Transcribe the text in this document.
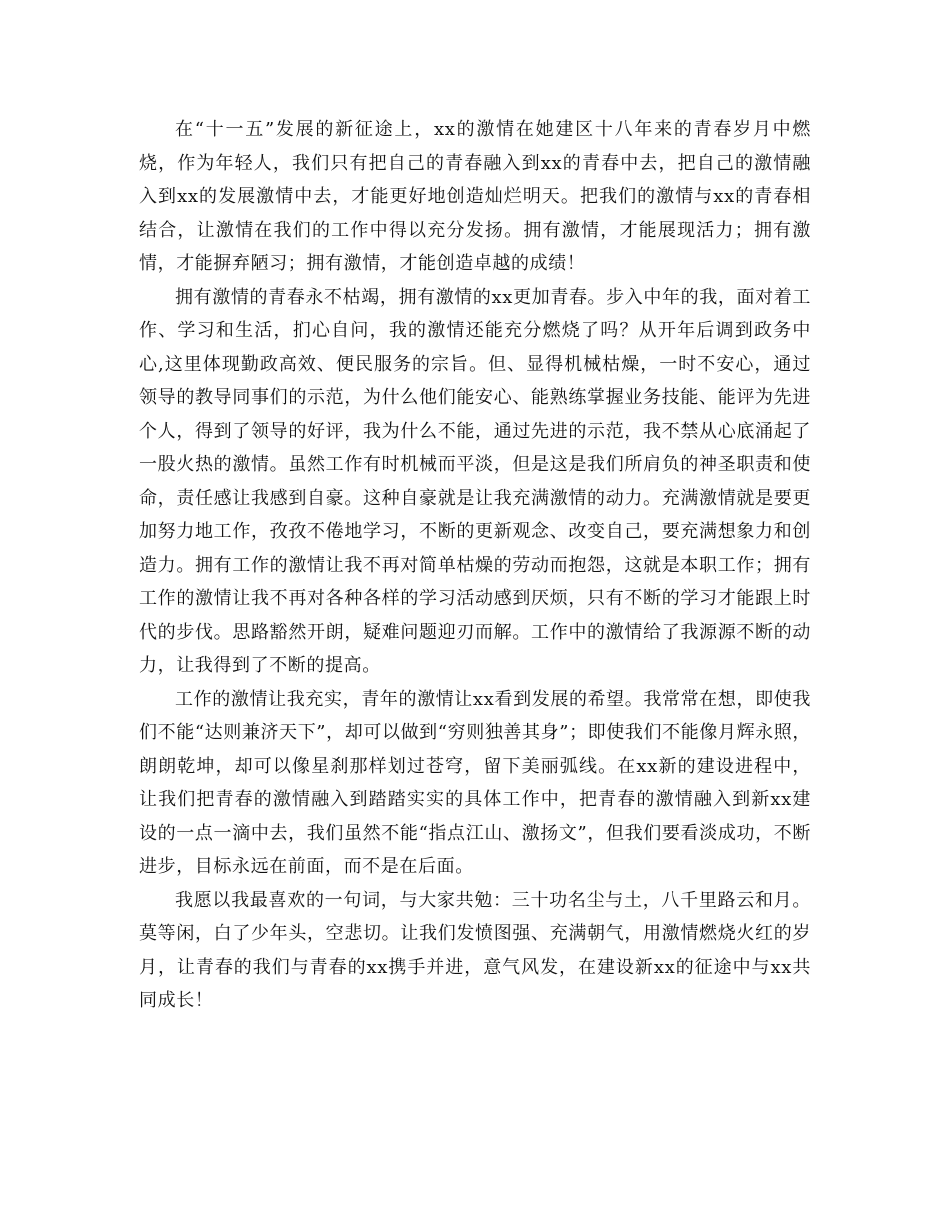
在“十一五”发展的新征途上，xx的激情在她建区十八年来的青春岁月中燃烧，作为年轻人，我们只有把自己的青春融入到xx的青春中去，把自己的激情融入到xx的发展激情中去，才能更好地创造灿烂明天。把我们的激情与xx的青春相结合，让激情在我们的工作中得以充分发扬。拥有激情，才能展现活力；拥有激情，才能摒弃陋习；拥有激情，才能创造卓越的成绩！

拥有激情的青春永不枯竭，拥有激情的xx更加青春。步入中年的我，面对着工作、学习和生活，扪心自问，我的激情还能充分燃烧了吗？从开年后调到政务中心,这里体现勤政高效、便民服务的宗旨。但、显得机械枯燥，一时不安心，通过领导的教导同事们的示范，为什么他们能安心、能熟练掌握业务技能、能评为先进个人，得到了领导的好评，我为什么不能，通过先进的示范，我不禁从心底涌起了一股火热的激情。虽然工作有时机械而平淡，但是这是我们所肩负的神圣职责和使命，责任感让我感到自豪。这种自豪就是让我充满激情的动力。充满激情就是要更加努力地工作，孜孜不倦地学习，不断的更新观念、改变自己，要充满想象力和创造力。拥有工作的激情让我不再对简单枯燥的劳动而抱怨，这就是本职工作；拥有工作的激情让我不再对各种各样的学习活动感到厌烦，只有不断的学习才能跟上时代的步伐。思路豁然开朗，疑难问题迎刃而解。工作中的激情给了我源源不断的动力，让我得到了不断的提高。

工作的激情让我充实，青年的激情让xx看到发展的希望。我常常在想，即使我们不能“达则兼济天下”，却可以做到“穷则独善其身”；即使我们不能像月辉永照，朗朗乾坤，却可以像星刹那样划过苍穹，留下美丽弧线。在xx新的建设进程中，让我们把青春的激情融入到踏踏实实的具体工作中，把青春的激情融入到新xx建设的一点一滴中去，我们虽然不能“指点江山、激扬文”，但我们要看淡成功，不断进步，目标永远在前面，而不是在后面。

我愿以我最喜欢的一句词，与大家共勉：三十功名尘与土，八千里路云和月。莫等闲，白了少年头，空悲切。让我们发愤图强、充满朝气，用激情燃烧火红的岁月，让青春的我们与青春的xx携手并进，意气风发，在建设新xx的征途中与xx共同成长！
